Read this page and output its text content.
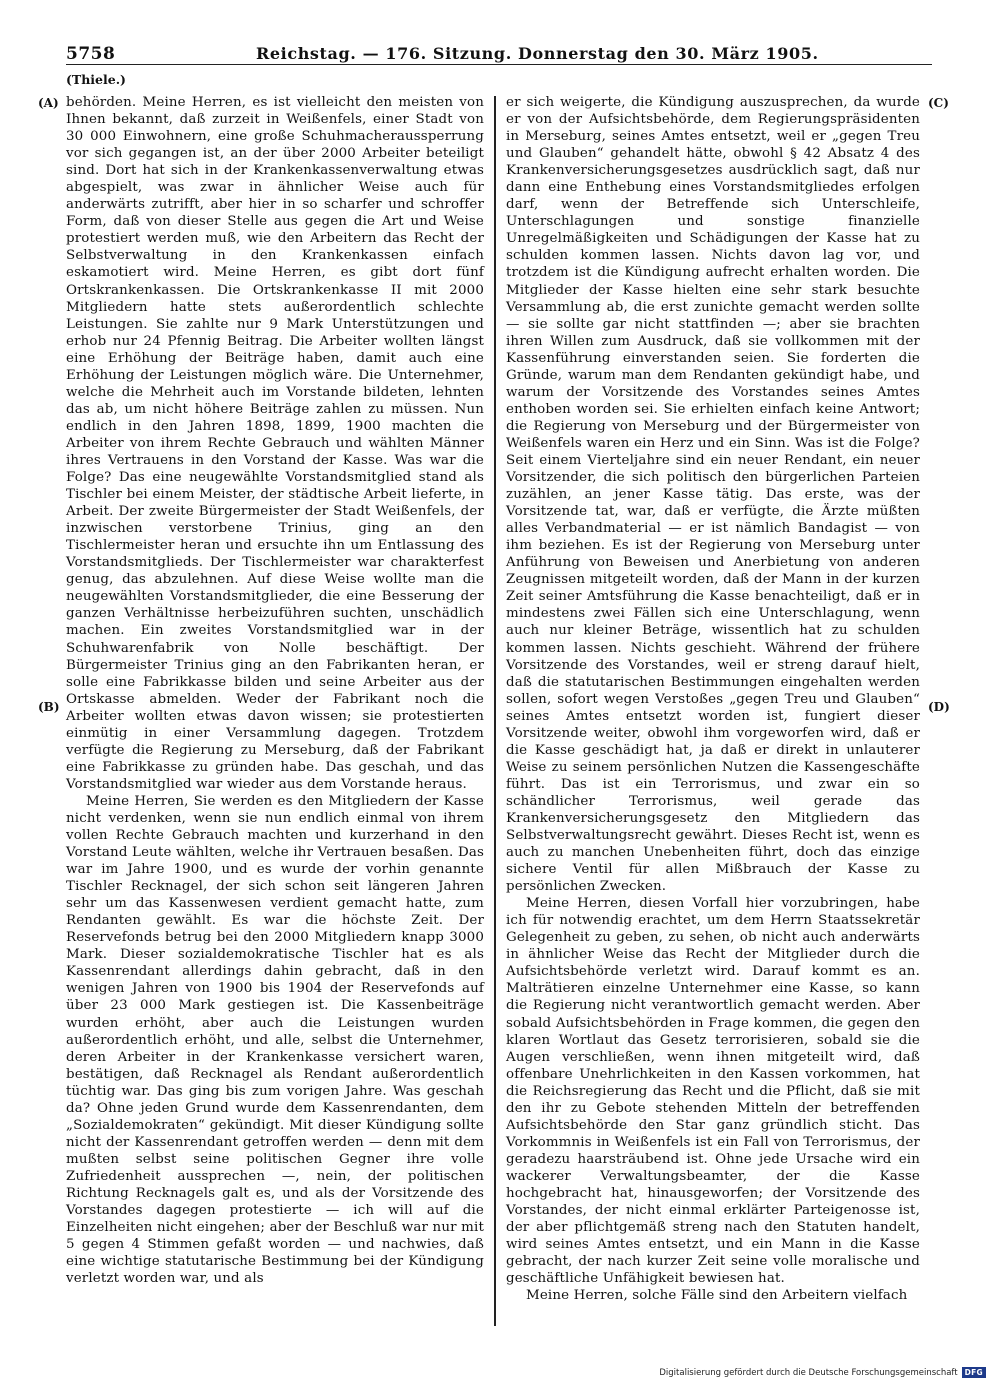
5758	Reichstag. — 176. Sitzung. Donnerstag den 30. März 1905.
(Thiele.)
(A)
(B)
(C)
(D)

behörden. Meine Herren, es ist vielleicht den meisten von Ihnen bekannt, daß zurzeit in Weißenfels, einer Stadt von 30 000 Einwohnern, eine große Schuhmacheraussperrung vor sich gegangen ist, an der über 2000 Arbeiter beteiligt sind. Dort hat sich in der Krankenkassenverwaltung etwas abgespielt, was zwar in ähnlicher Weise auch für anderwärts zutrifft, aber hier in so scharfer und schroffer Form, daß von dieser Stelle aus gegen die Art und Weise protestiert werden muß, wie den Arbeitern das Recht der Selbstverwaltung in den Krankenkassen einfach eskamotiert wird. Meine Herren, es gibt dort fünf Ortskrankenkassen. Die Ortskrankenkasse II mit 2000 Mitgliedern hatte stets außerordentlich schlechte Leistungen. Sie zahlte nur 9 Mark Unterstützungen und erhob nur 24 Pfennig Beitrag. Die Arbeiter wollten längst eine Erhöhung der Beiträge haben, damit auch eine Erhöhung der Leistungen möglich wäre. Die Unternehmer, welche die Mehrheit auch im Vorstande bildeten, lehnten das ab, um nicht höhere Beiträge zahlen zu müssen. Nun endlich in den Jahren 1898, 1899, 1900 machten die Arbeiter von ihrem Rechte Gebrauch und wählten Männer ihres Vertrauens in den Vorstand der Kasse. Was war die Folge? Das eine neugewählte Vorstandsmitglied stand als Tischler bei einem Meister, der städtische Arbeit lieferte, in Arbeit. Der zweite Bürgermeister der Stadt Weißenfels, der inzwischen verstorbene Trinius, ging an den Tischlermeister heran und ersuchte ihn um Entlassung des Vorstandsmitglieds. Der Tischlermeister war charakterfest genug, das abzulehnen. Auf diese Weise wollte man die neugewählten Vorstandsmitglieder, die eine Besserung der ganzen Verhältnisse herbeizuführen suchten, unschädlich machen. Ein zweites Vorstandsmitglied war in der Schuhwarenfabrik von Nolle beschäftigt. Der Bürgermeister Trinius ging an den Fabrikanten heran, er solle eine Fabrikkasse bilden und seine Arbeiter aus der Ortskasse abmelden. Weder der Fabrikant noch die Arbeiter wollten etwas davon wissen; sie protestierten einmütig in einer Versammlung dagegen. Trotzdem verfügte die Regierung zu Merseburg, daß der Fabrikant eine Fabrikkasse zu gründen habe. Das geschah, und das Vorstandsmitglied war wieder aus dem Vorstande heraus.

Meine Herren, Sie werden es den Mitgliedern der Kasse nicht verdenken, wenn sie nun endlich einmal von ihrem vollen Rechte Gebrauch machten und kurzerhand in den Vorstand Leute wählten, welche ihr Vertrauen besaßen. Das war im Jahre 1900, und es wurde der vorhin genannte Tischler Recknagel, der sich schon seit längeren Jahren sehr um das Kassenwesen verdient gemacht hatte, zum Rendanten gewählt. Es war die höchste Zeit. Der Reservefonds betrug bei den 2000 Mitgliedern knapp 3000 Mark. Dieser sozialdemokratische Tischler hat es als Kassenrendant allerdings dahin gebracht, daß in den wenigen Jahren von 1900 bis 1904 der Reservefonds auf über 23 000 Mark gestiegen ist. Die Kassenbeiträge wurden erhöht, aber auch die Leistungen wurden außerordentlich erhöht, und alle, selbst die Unternehmer, deren Arbeiter in der Krankenkasse versichert waren, bestätigen, daß Recknagel als Rendant außerordentlich tüchtig war. Das ging bis zum vorigen Jahre. Was geschah da? Ohne jeden Grund wurde dem Kassenrendanten, dem „Sozialdemokraten“ gekündigt. Mit dieser Kündigung sollte nicht der Kassenrendant getroffen werden — denn mit dem mußten selbst seine politischen Gegner ihre volle Zufriedenheit aussprechen —, nein, der politischen Richtung Recknagels galt es, und als der Vorsitzende des Vorstandes dagegen protestierte — ich will auf die Einzelheiten nicht eingehen; aber der Beschluß war nur mit 5 gegen 4 Stimmen gefaßt worden — und nachwies, daß eine wichtige statutarische Bestimmung bei der Kündigung verletzt worden war, und als

er sich weigerte, die Kündigung auszusprechen, da wurde er von der Aufsichtsbehörde, dem Regierungspräsidenten in Merseburg, seines Amtes entsetzt, weil er „gegen Treu und Glauben“ gehandelt hätte, obwohl § 42 Absatz 4 des Krankenversicherungsgesetzes ausdrücklich sagt, daß nur dann eine Enthebung eines Vorstandsmitgliedes erfolgen darf, wenn der Betreffende sich Unterschleife, Unterschlagungen und sonstige finanzielle Unregelmäßigkeiten und Schädigungen der Kasse hat zu schulden kommen lassen. Nichts davon lag vor, und trotzdem ist die Kündigung aufrecht erhalten worden. Die Mitglieder der Kasse hielten eine sehr stark besuchte Versammlung ab, die erst zunichte gemacht werden sollte — sie sollte gar nicht stattfinden —; aber sie brachten ihren Willen zum Ausdruck, daß sie vollkommen mit der Kassenführung einverstanden seien. Sie forderten die Gründe, warum man dem Rendanten gekündigt habe, und warum der Vorsitzende des Vorstandes seines Amtes enthoben worden sei. Sie erhielten einfach keine Antwort; die Regierung von Merseburg und der Bürgermeister von Weißenfels waren ein Herz und ein Sinn. Was ist die Folge? Seit einem Vierteljahre sind ein neuer Rendant, ein neuer Vorsitzender, die sich politisch den bürgerlichen Parteien zuzählen, an jener Kasse tätig. Das erste, was der Vorsitzende tat, war, daß er verfügte, die Ärzte müßten alles Verbandmaterial — er ist nämlich Bandagist — von ihm beziehen. Es ist der Regierung von Merseburg unter Anführung von Beweisen und Anerbietung von anderen Zeugnissen mitgeteilt worden, daß der Mann in der kurzen Zeit seiner Amtsführung die Kasse benachteiligt, daß er in mindestens zwei Fällen sich eine Unterschlagung, wenn auch nur kleiner Beträge, wissentlich hat zu schulden kommen lassen. Nichts geschieht. Während der frühere Vorsitzende des Vorstandes, weil er streng darauf hielt, daß die statutarischen Bestimmungen eingehalten werden sollen, sofort wegen Verstoßes „gegen Treu und Glauben“ seines Amtes entsetzt worden ist, fungiert dieser Vorsitzende weiter, obwohl ihm vorgeworfen wird, daß er die Kasse geschädigt hat, ja daß er direkt in unlauterer Weise zu seinem persönlichen Nutzen die Kassengeschäfte führt. Das ist ein Terrorismus, und zwar ein so schändlicher Terrorismus, weil gerade das Krankenversicherungsgesetz den Mitgliedern das Selbstverwaltungsrecht gewährt. Dieses Recht ist, wenn es auch zu manchen Unebenheiten führt, doch das einzige sichere Ventil für allen Mißbrauch der Kasse zu persönlichen Zwecken.

Meine Herren, diesen Vorfall hier vorzubringen, habe ich für notwendig erachtet, um dem Herrn Staatssekretär Gelegenheit zu geben, zu sehen, ob nicht auch anderwärts in ähnlicher Weise das Recht der Mitglieder durch die Aufsichtsbehörde verletzt wird. Darauf kommt es an. Malträtieren einzelne Unternehmer eine Kasse, so kann die Regierung nicht verantwortlich gemacht werden. Aber sobald Aufsichtsbehörden in Frage kommen, die gegen den klaren Wortlaut das Gesetz terrorisieren, sobald sie die Augen verschließen, wenn ihnen mitgeteilt wird, daß offenbare Unehrlichkeiten in den Kassen vorkommen, hat die Reichsregierung das Recht und die Pflicht, daß sie mit den ihr zu Gebote stehenden Mitteln der betreffenden Aufsichtsbehörde den Star ganz gründlich sticht. Das Vorkommnis in Weißenfels ist ein Fall von Terrorismus, der geradezu haarsträubend ist. Ohne jede Ursache wird ein wackerer Verwaltungsbeamter, der die Kasse hochgebracht hat, hinausgeworfen; der Vorsitzende des Vorstandes, der nicht einmal erklärter Parteigenosse ist, der aber pflichtgemäß streng nach den Statuten handelt, wird seines Amtes entsetzt, und ein Mann in die Kasse gebracht, der nach kurzer Zeit seine volle moralische und geschäftliche Unfähigkeit bewiesen hat.

Meine Herren, solche Fälle sind den Arbeitern vielfach

Digitalisierung gefördert durch die Deutsche Forschungsgemeinschaft DFG
